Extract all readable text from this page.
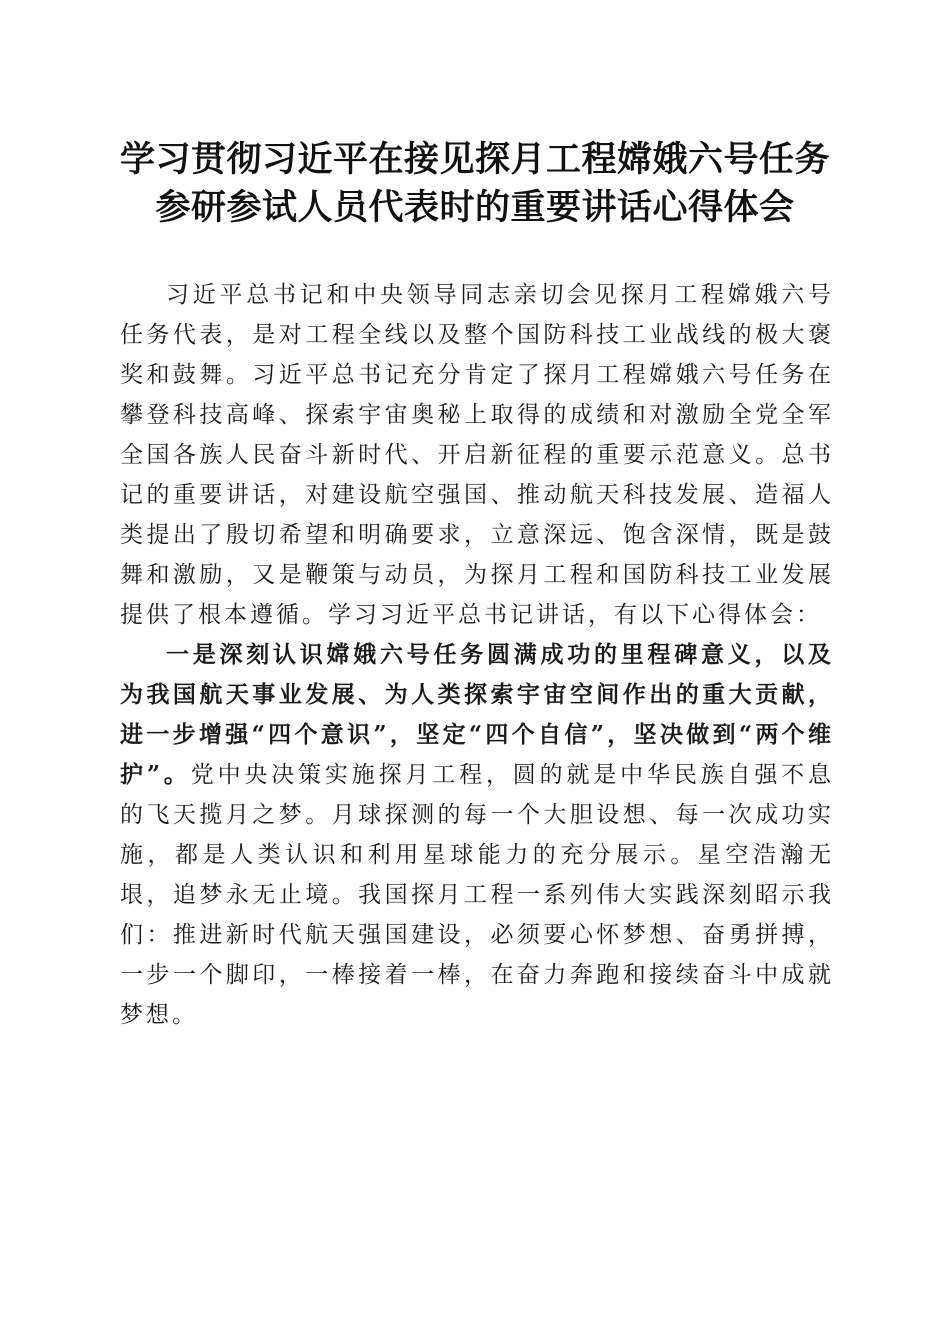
学习贯彻习近平在接见探月工程嫦娥六号任务
参研参试人员代表时的重要讲话心得体会

习近平总书记和中央领导同志亲切会见探月工程嫦娥六号任务代表，是对工程全线以及整个国防科技工业战线的极大褒奖和鼓舞。习近平总书记充分肯定了探月工程嫦娥六号任务在攀登科技高峰、探索宇宙奥秘上取得的成绩和对激励全党全军全国各族人民奋斗新时代、开启新征程的重要示范意义。总书记的重要讲话，对建设航空强国、推动航天科技发展、造福人类提出了殷切希望和明确要求，立意深远、饱含深情，既是鼓舞和激励，又是鞭策与动员，为探月工程和国防科技工业发展提供了根本遵循。学习习近平总书记讲话，有以下心得体会：

一是深刻认识嫦娥六号任务圆满成功的里程碑意义，以及为我国航天事业发展、为人类探索宇宙空间作出的重大贡献，进一步增强“四个意识”，坚定“四个自信”，坚决做到“两个维护”。党中央决策实施探月工程，圆的就是中华民族自强不息的飞天揽月之梦。月球探测的每一个大胆设想、每一次成功实施，都是人类认识和利用星球能力的充分展示。星空浩瀚无垠，追梦永无止境。我国探月工程一系列伟大实践深刻昭示我们：推进新时代航天强国建设，必须要心怀梦想、奋勇拼搏，一步一个脚印，一棒接着一棒，在奋力奔跑和接续奋斗中成就梦想。
